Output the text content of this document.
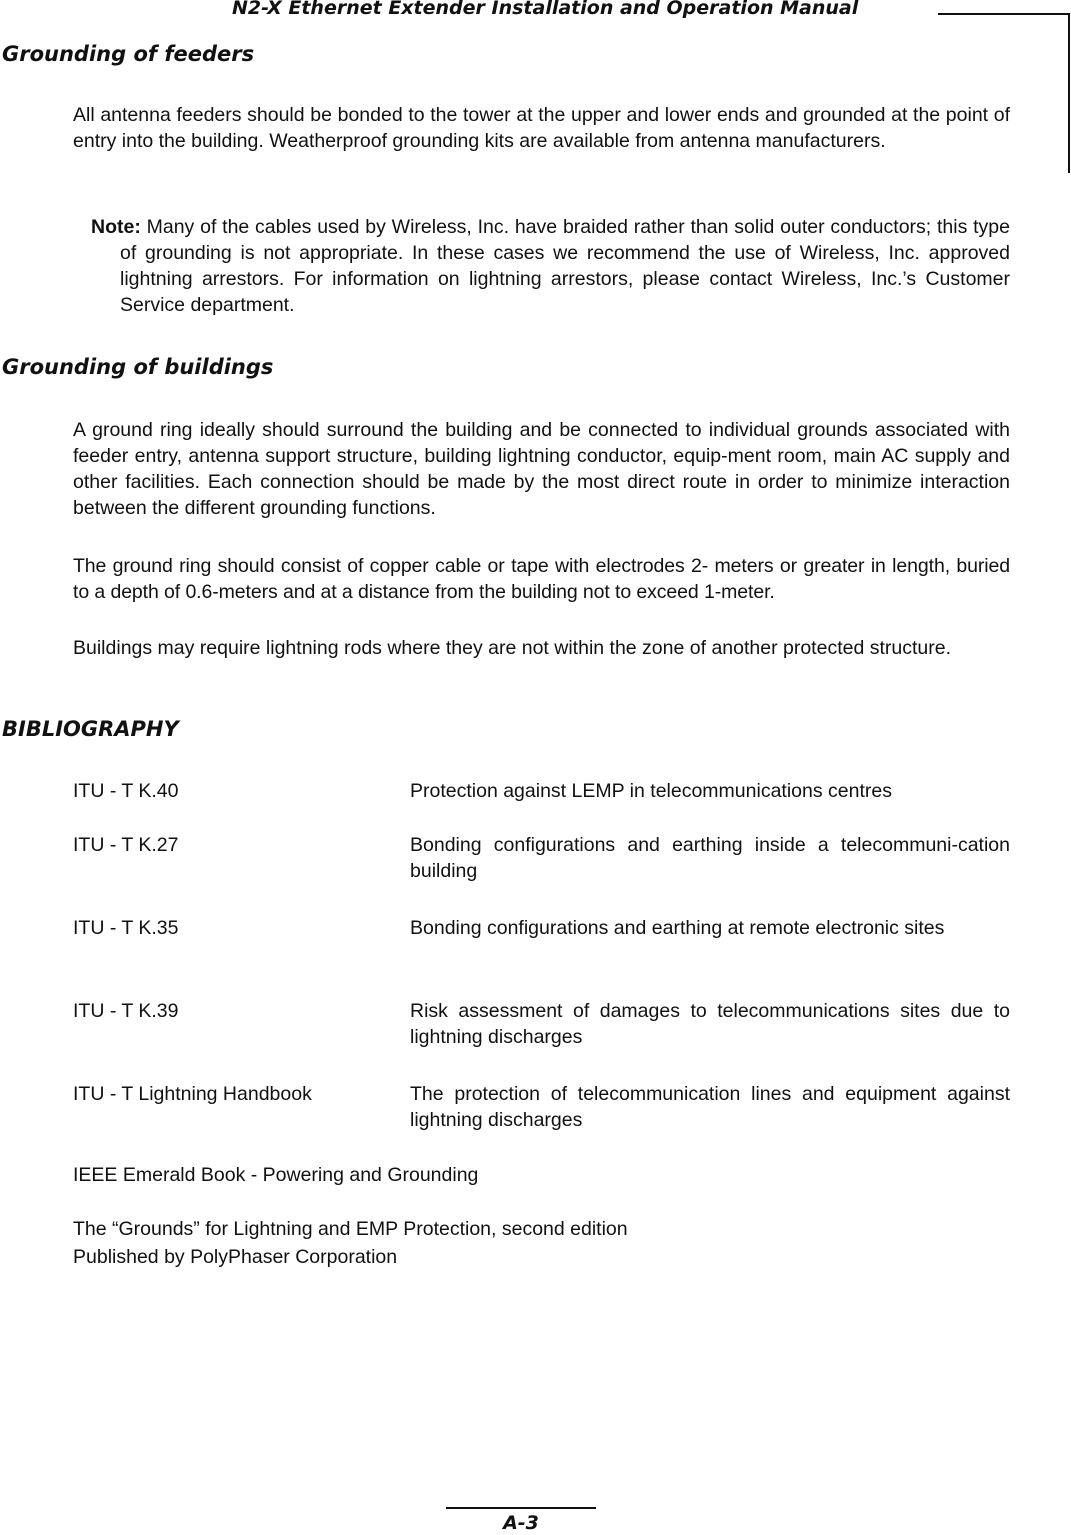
N2-X Ethernet Extender Installation and Operation Manual
Grounding of feeders
All antenna feeders should be bonded to the tower at the upper and lower ends and grounded at the point of entry into the building. Weatherproof grounding kits are available from antenna manufacturers.
Note: Many of the cables used by Wireless, Inc. have braided rather than solid outer conductors; this type of grounding is not appropriate. In these cases we recommend the use of Wireless, Inc. approved lightning arrestors. For information on lightning arrestors, please contact Wireless, Inc.’s Customer Service department.
Grounding of buildings
A ground ring ideally should surround the building and be connected to individual grounds associated with feeder entry, antenna support structure, building lightning conductor, equip-ment room, main AC supply and other facilities. Each connection should be made by the most direct route in order to minimize interaction between the different grounding functions.
The ground ring should consist of copper cable or tape with electrodes 2- meters or greater in length, buried to a depth of 0.6-meters and at a distance from the building not to exceed 1-meter.
Buildings may require lightning rods where they are not within the zone of another protected structure.
BIBLIOGRAPHY
ITU - T K.40	Protection against LEMP in telecommunications centres
ITU - T K.27	Bonding configurations and earthing inside a telecommuni-cation building
ITU - T K.35	Bonding configurations and earthing at remote electronic sites
ITU - T K.39	Risk assessment of damages to telecommunications sites due to lightning discharges
ITU - T Lightning Handbook	The protection of telecommunication lines and equipment against lightning discharges
IEEE Emerald Book - Powering and Grounding
The “Grounds” for Lightning and EMP Protection, second edition
Published by PolyPhaser Corporation
A-3
